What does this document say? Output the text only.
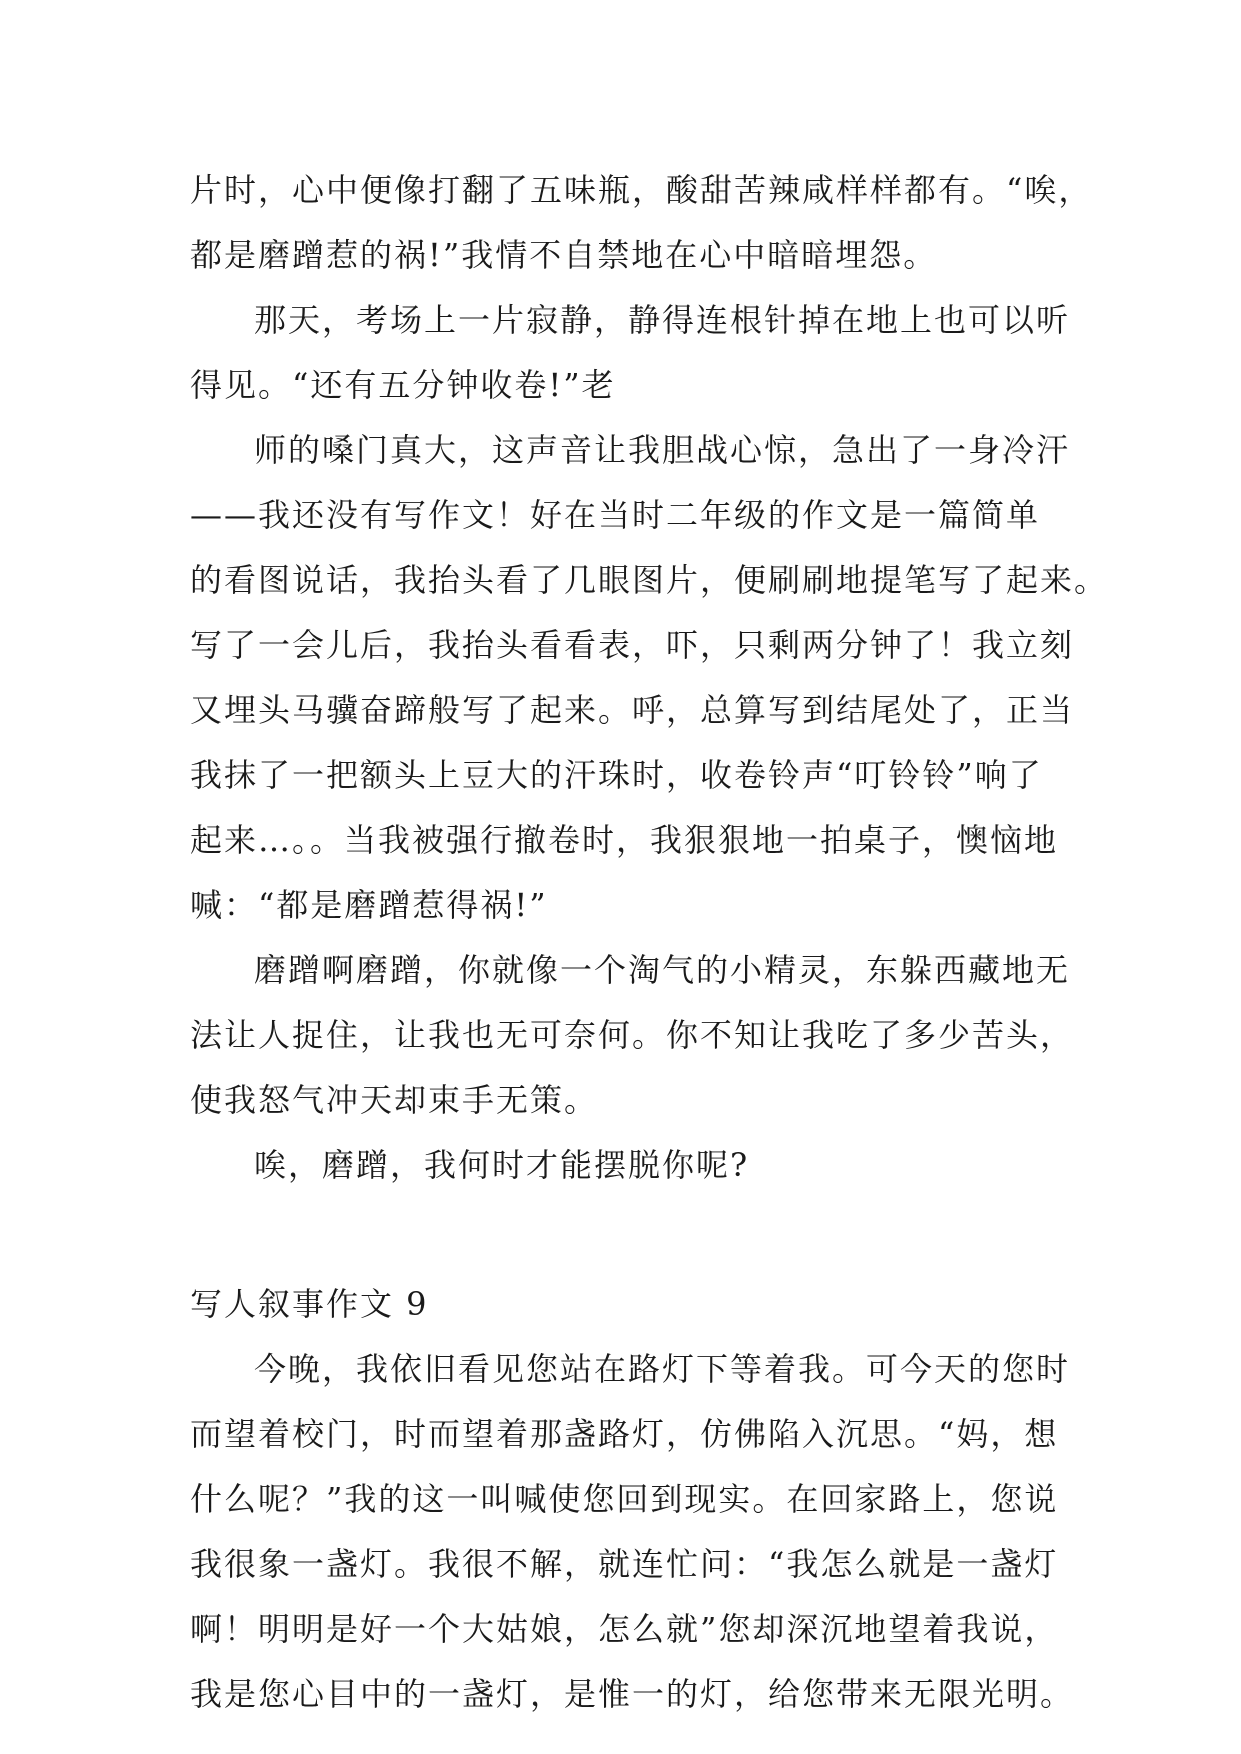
片时，心中便像打翻了五味瓶，酸甜苦辣咸样样都有。“唉，
都是磨蹭惹的祸!”我情不自禁地在心中暗暗埋怨。
那天，考场上一片寂静，静得连根针掉在地上也可以听
得见。“还有五分钟收卷!”老
师的嗓门真大，这声音让我胆战心惊，急出了一身冷汗
——我还没有写作文！好在当时二年级的作文是一篇简单
的看图说话，我抬头看了几眼图片，便刷刷地提笔写了起来。
写了一会儿后，我抬头看看表，吓，只剩两分钟了！我立刻
又埋头马骥奋蹄般写了起来。呼，总算写到结尾处了，正当
我抹了一把额头上豆大的汗珠时，收卷铃声“叮铃铃”响了
起来…。。当我被强行撤卷时，我狠狠地一拍桌子，懊恼地
喊：“都是磨蹭惹得祸!”
磨蹭啊磨蹭，你就像一个淘气的小精灵，东躲西藏地无
法让人捉住，让我也无可奈何。你不知让我吃了多少苦头，
使我怒气冲天却束手无策。
唉，磨蹭，我何时才能摆脱你呢?
写人叙事作文 9
今晚，我依旧看见您站在路灯下等着我。可今天的您时
而望着校门，时而望着那盏路灯，仿佛陷入沉思。“妈，想
什么呢？”我的这一叫喊使您回到现实。在回家路上，您说
我很象一盏灯。我很不解，就连忙问：“我怎么就是一盏灯
啊！明明是好一个大姑娘，怎么就”您却深沉地望着我说，
我是您心目中的一盏灯，是惟一的灯，给您带来无限光明。
